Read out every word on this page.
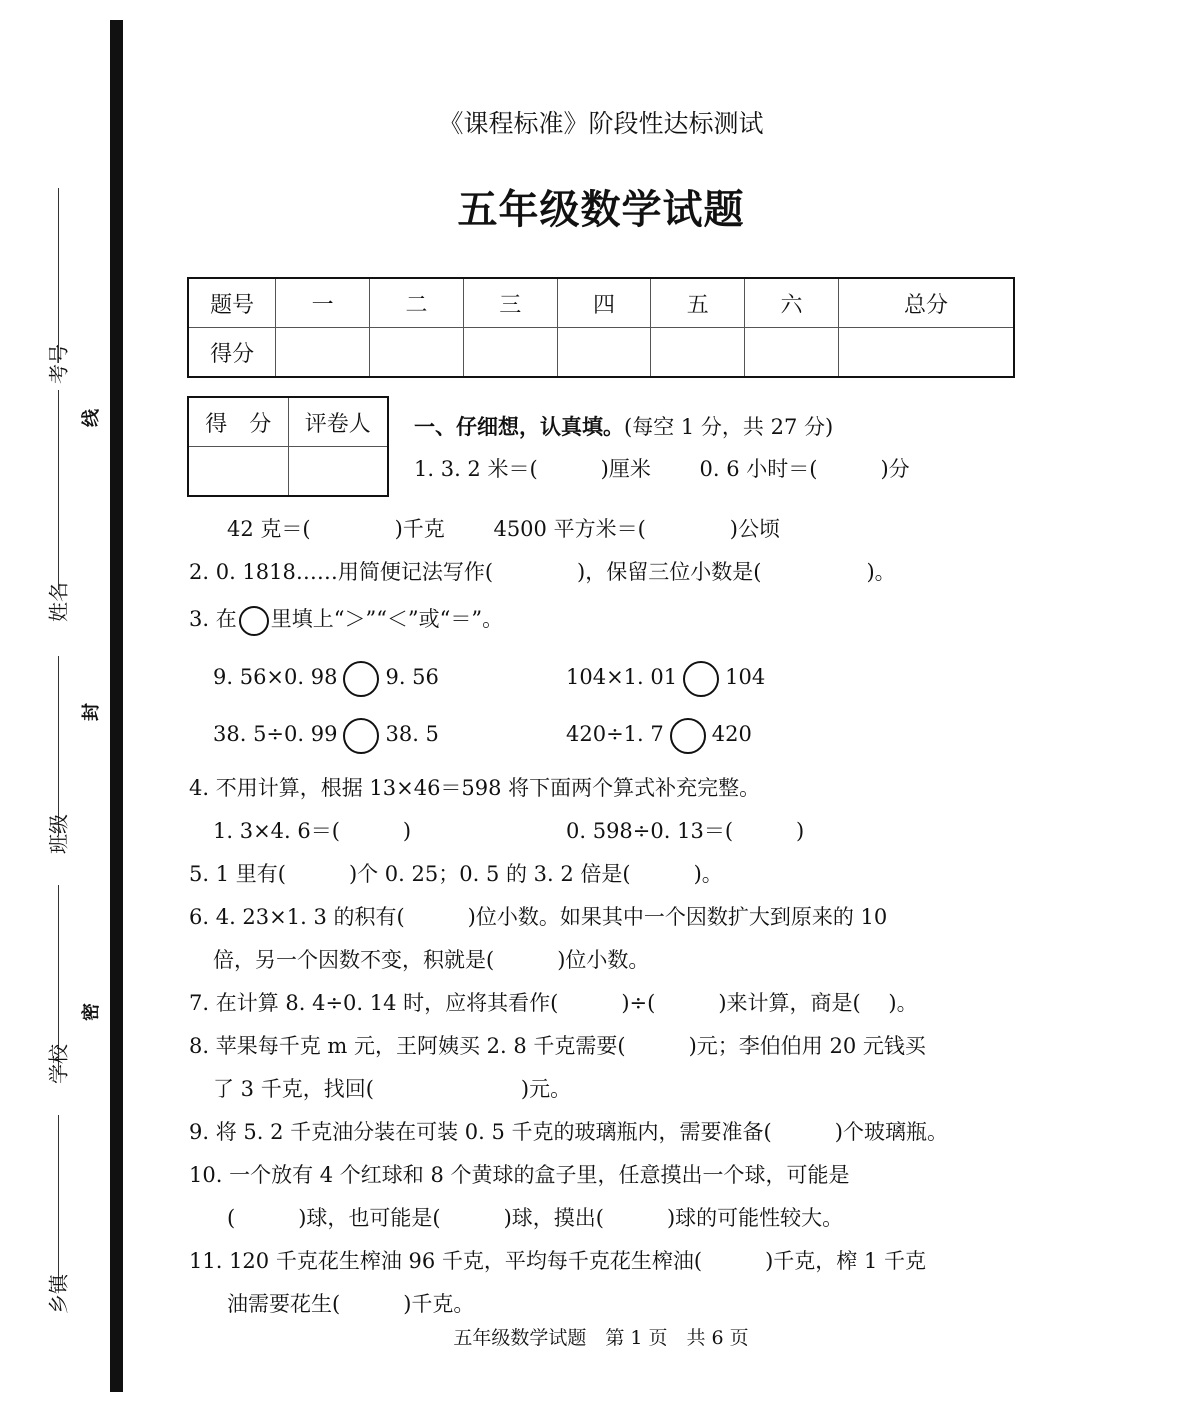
考号
姓名
班级
学校
乡镇
线
封
密
《课程标准》阶段性达标测试
五年级数学试题
题号	一	二	三	四	五	六	总分
得分							
得　分	评卷人
	一、仔细想，认真填。(每空 1 分，共 27 分)
1. 3. 2 米＝(　　　)厘米　　 0. 6 小时＝(　　　)分
42 克＝(　　　　)千克　　 4500 平方米＝(　　　　)公顷
2. 0. 1818……用简便记法写作(　　　　)，保留三位小数是(　　　　　)。
3. 在 里填上“＞”“＜”或“＝”。
9. 56×0. 98 9. 56	104×1. 01 104
38. 5÷0. 99 38. 5	420÷1. 7 420
4. 不用计算，根据 13×46＝598 将下面两个算式补充完整。
1. 3×4. 6＝(　　　)	0. 598÷0. 13＝(　　　)
5. 1 里有(　　　)个 0. 25；0. 5 的 3. 2 倍是(　　　)。
6. 4. 23×1. 3 的积有(　　　)位小数。如果其中一个因数扩大到原来的 10
倍，另一个因数不变，积就是(　　　)位小数。
7. 在计算 8. 4÷0. 14 时，应将其看作(　　　)÷(　　　)来计算，商是(　 )。
8. 苹果每千克 m 元，王阿姨买 2. 8 千克需要(　　　)元；李伯伯用 20 元钱买
了 3 千克，找回(　　　　　　　)元。
9. 将 5. 2 千克油分装在可装 0. 5 千克的玻璃瓶内，需要准备(　　　)个玻璃瓶。
10. 一个放有 4 个红球和 8 个黄球的盒子里，任意摸出一个球，可能是
(　　　)球，也可能是(　　　)球，摸出(　　　)球的可能性较大。
11. 120 千克花生榨油 96 千克，平均每千克花生榨油(　　　)千克，榨 1 千克
油需要花生(　　　)千克。
五年级数学试题　第 1 页　共 6 页
